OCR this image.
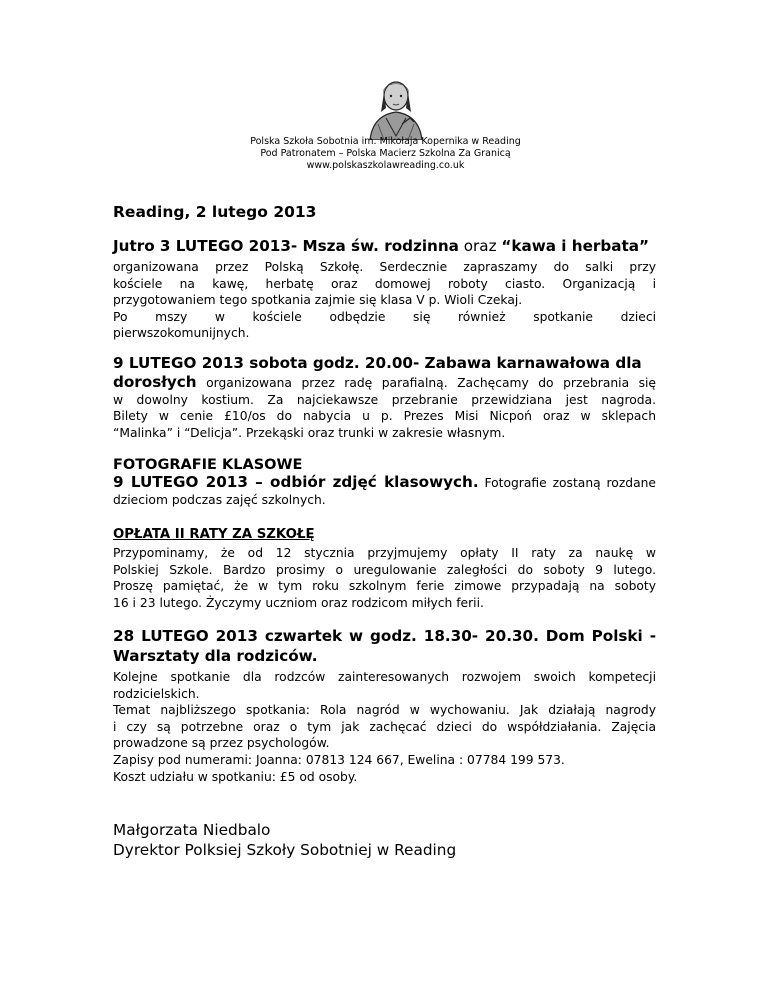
Polska Szkoła Sobotnia im. Mikołaja Kopernika w Reading
Pod Patronatem – Polska Macierz Szkolna Za Granicą
www.polskaszkolawreading.co.uk
Reading, 2 lutego 2013
Jutro 3 LUTEGO 2013- Msza św. rodzinna oraz “kawa i herbata”

organizowana przez Polską Szkołę. Serdecznie zapraszamy do salki przy

kościele na kawę, herbatę oraz domowej roboty ciasto. Organizacją i

przygotowaniem tego spotkania zajmie się klasa V p. Wioli Czekaj.

Po mszy w kościele odbędzie się również spotkanie dzieci

pierwszokomunijnych.

9 LUTEGO 2013 sobota godz. 20.00- Zabawa karnawałowa dla

dorosłych organizowana przez radę parafialną. Zachęcamy do przebrania się

w dowolny kostium. Za najciekawsze przebranie przewidziana jest nagroda.

Bilety w cenie £10/os do nabycia u p. Prezes Misi Nicpoń oraz w sklepach

“Malinka” i “Delicja”. Przekąski oraz trunki w zakresie własnym.

FOTOGRAFIE KLASOWE

9 LUTEGO 2013 – odbiór zdjęć klasowych. Fotografie zostaną rozdane

dzieciom podczas zajęć szkolnych.

OPŁATA II RATY ZA SZKOŁĘ

Przypominamy, że od 12 stycznia przyjmujemy opłaty II raty za naukę w

Polskiej Szkole. Bardzo prosimy o uregulowanie zaległości do soboty 9 lutego.

Proszę pamiętać, że w tym roku szkolnym ferie zimowe przypadają na soboty

16 i 23 lutego. Życzymy uczniom oraz rodzicom miłych ferii.

28 LUTEGO 2013 czwartek w godz. 18.30- 20.30. Dom Polski -
Warsztaty dla rodziców.

Kolejne spotkanie dla rodzców zainteresowanych rozwojem swoich kompetecji

rodzicielskich.

Temat najbliższego spotkania: Rola nagród w wychowaniu. Jak działają nagrody

i czy są potrzebne oraz o tym jak zachęcać dzieci do współdziałania. Zajęcia

prowadzone są przez psychologów.

Zapisy pod numerami: Joanna: 07813 124 667, Ewelina : 07784 199 573.

Koszt udziału w spotkaniu: £5 od osoby.

Małgorzata Niedbalo
Dyrektor Polksiej Szkoły Sobotniej w Reading
